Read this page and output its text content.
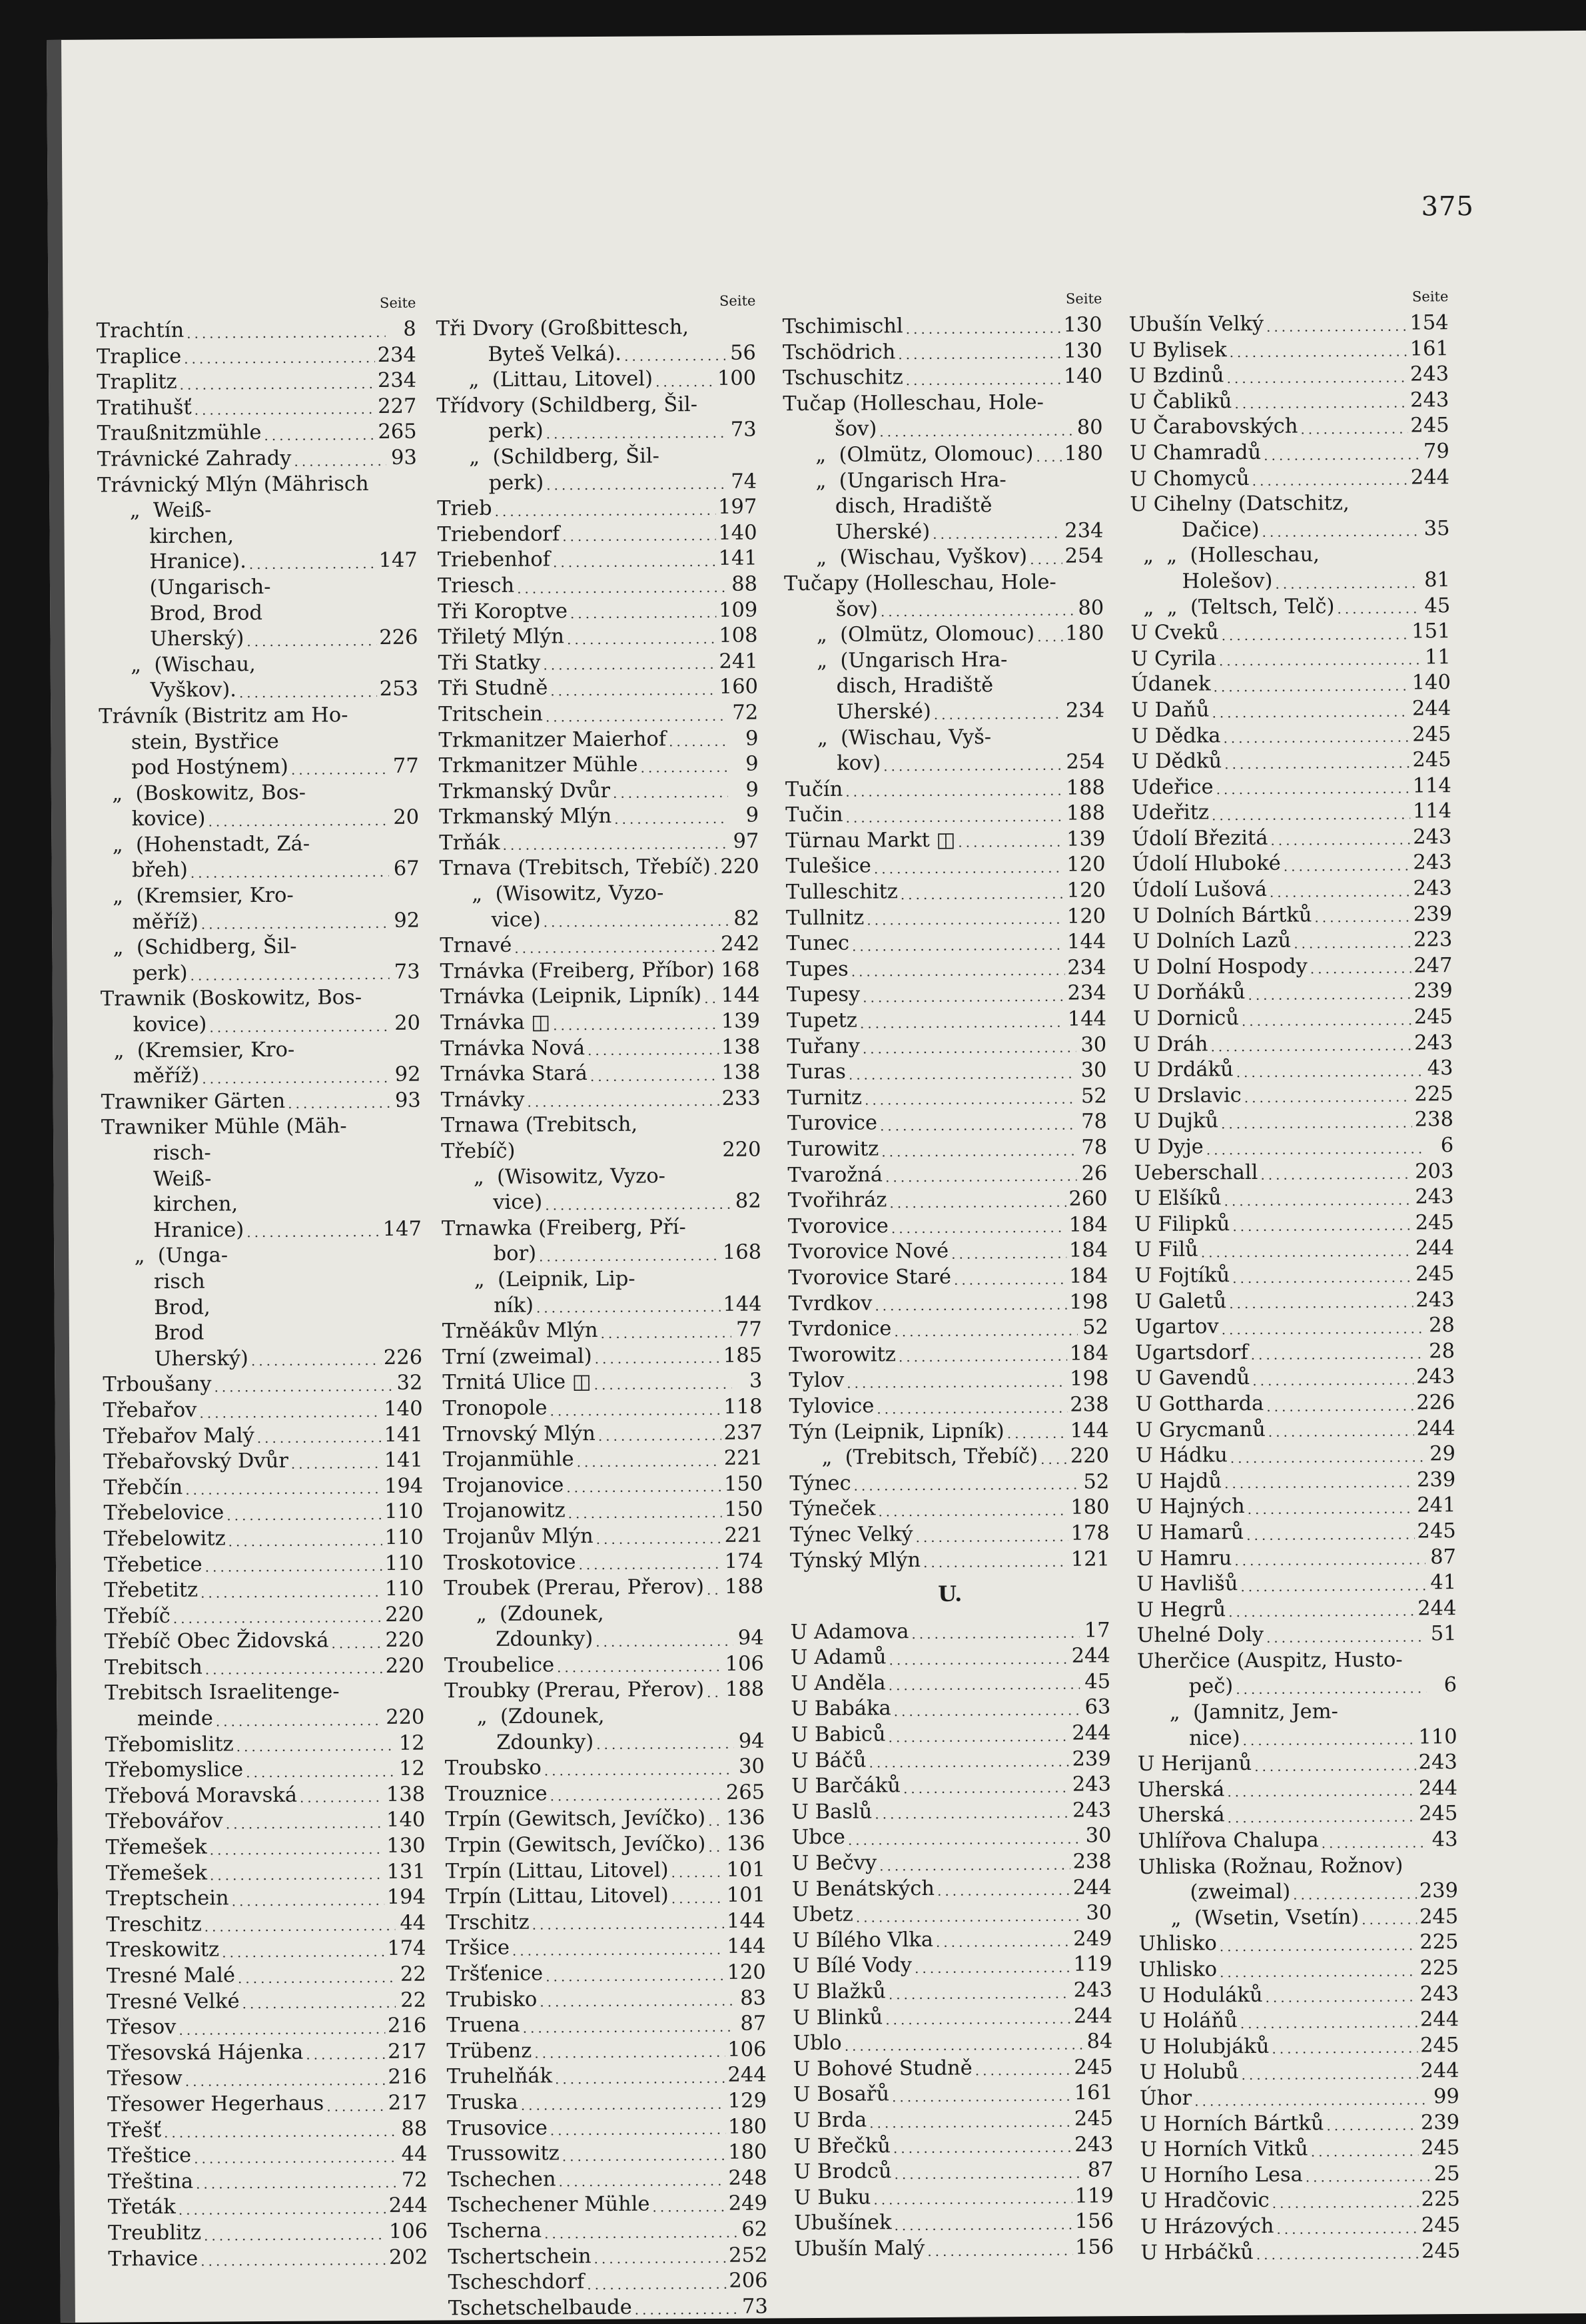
375
Seite
Trachtín .....	8
Traplice .....	234
Traplitz .....	234
Tratihušť .....	227
Traußnitzmühle .....	265
Trávnické Zahrady .....	93
Trávnický Mlýn (Mährisch
„  Weiß-
kirchen,
Hranice). .....	147
(Ungarisch-
Brod, Brod
Uherský) .....	226
„  (Wischau,
Vyškov). .....	253
Trávník (Bistritz am Ho-
stein, Bystřice
pod Hostýnem) .....	77
„  (Boskowitz, Bos-
kovice) .....	20
„  (Hohenstadt, Zá-
břeh) .....	67
„  (Kremsier, Kro-
měříž) .....	92
„  (Schidberg, Šil-
perk) .....	73
Trawnik (Boskowitz, Bos-
kovice) .....	20
„  (Kremsier, Kro-
měříž) .....	92
Trawniker Gärten .....	93
Trawniker Mühle (Mäh-
risch-
Weiß-
kirchen,
Hranice) .....	147
„  (Unga-
risch
Brod,
Brod
Uherský) .....	226
Trboušany .....	32
Třebařov .....	140
Třebařov Malý .....	141
Třebařovský Dvůr .....	141
Třebčín .....	194
Třebelovice .....	110
Třebelowitz .....	110
Třebetice .....	110
Třebetitz .....	110
Třebíč .....	220
Třebíč Obec Židovská .....	220
Trebitsch .....	220
Trebitsch Israelitenge-
meinde .....	220
Třebomislitz .....	12
Třebomyslice .....	12
Třebová Moravská .....	138
Třebovářov .....	140
Třemešek .....	130
Třemešek .....	131
Treptschein .....	194
Treschitz .....	44
Treskowitz .....	174
Tresné Malé .....	22
Tresné Velké .....	22
Třesov .....	216
Třesovská Hájenka .....	217
Třesow .....	216
Třesower Hegerhaus .....	217
Třešť .....	88
Třeštice .....	44
Třeština .....	72
Třeták .....	244
Treublitz .....	106
Trhavice .....	202
Seite
Tři Dvory (Großbittesch,
Byteš Velká). .....	56
„  (Littau, Litovel) .....	100
Třídvory (Schildberg, Šil-
perk) .....	73
„  (Schildberg, Šil-
perk) .....	74
Trieb .....	197
Triebendorf .....	140
Triebenhof .....	141
Triesch .....	88
Tři Koroptve .....	109
Třiletý Mlýn .....	108
Tři Statky .....	241
Tři Studně .....	160
Tritschein .....	72
Trkmanitzer Maierhof .....	9
Trkmanitzer Mühle .....	9
Trkmanský Dvůr .....	9
Trkmanský Mlýn .....	9
Trňák .....	97
Trnava (Trebitsch, Třebíč) ..... 220
„  (Wisowitz, Vyzo-
vice) .....	82
Trnavé .....	242
Trnávka (Freiberg, Příbor) ..... 168
Trnávka (Leipnik, Lipník) ..... 144
Trnávka ◫ .....	139
Trnávka Nová .....	138
Trnávka Stará .....	138
Trnávky .....	233
Trnawa (Trebitsch, Třebíč) .....	220
„  (Wisowitz, Vyzo-
vice) .....	82
Trnawka (Freiberg, Pří-
bor) .....	168
„  (Leipnik, Lip-
ník) .....	144
Trněákův Mlýn .....	77
Trní (zweimal) .....	185
Trnitá Ulice ◫ .....	3
Tronopole .....	118
Trnovský Mlýn .....	237
Trojanmühle .....	221
Trojanovice .....	150
Trojanowitz .....	150
Trojanův Mlýn .....	221
Troskotovice .....	174
Troubek (Prerau, Přerov) ..... 188
„  (Zdounek,
Zdounky) .....	94
Troubelice .....	106
Troubky (Prerau, Přerov) ..... 188
„  (Zdounek,
Zdounky) .....	94
Troubsko .....	30
Trouznice .....	265
Trpín (Gewitsch, Jevíčko) ..... 136
Trpin (Gewitsch, Jevíčko) ..... 136
Trpín (Littau, Litovel) .....	101
Trpín (Littau, Litovel) .....	101
Trschitz .....	144
Tršice .....	144
Tršťenice .....	120
Trubisko .....	83
Truena .....	87
Trübenz .....	106
Truhelňák .....	244
Truska .....	129
Trusovice .....	180
Trussowitz .....	180
Tschechen .....	248
Tschechener Mühle .....	249
Tscherna .....	62
Tschertschein .....	252
Tscheschdorf .....	206
Tschetschelbaude .....	73
Seite
Tschimischl .....	130
Tschödrich .....	130
Tschuschitz .....	140
Tučap (Holleschau, Hole-
šov) .....	80
„  (Olmütz, Olomouc) ..... 180
„  (Ungarisch Hra-
disch, Hradiště
Uherské) .....	234
„  (Wischau, Vyškov) ..... 254
Tučapy (Holleschau, Hole-
šov) .....	80
„  (Olmütz, Olomouc) ..... 180
„  (Ungarisch Hra-
disch, Hradiště
Uherské) .....	234
„  (Wischau, Vyš-
kov) .....	254
Tučín .....	188
Tučin .....	188
Türnau Markt ◫ .....	139
Tulešice .....	120
Tulleschitz .....	120
Tullnitz .....	120
Tunec .....	144
Tupes .....	234
Tupesy .....	234
Tupetz .....	144
Tuřany .....	30
Turas .....	30
Turnitz .....	52
Turovice .....	78
Turowitz .....	78
Tvarožná .....	26
Tvořihráz .....	260
Tvorovice .....	184
Tvorovice Nové .....	184
Tvorovice Staré .....	184
Tvrdkov .....	198
Tvrdonice .....	52
Tworowitz .....	184
Tylov .....	198
Tylovice .....	238
Týn (Leipnik, Lipník) .....	144
„  (Trebitsch, Třebíč) ..... 220
Týnec .....	52
Týneček .....	180
Týnec Velký .....	178
Týnský Mlýn .....	121
U.
U Adamova .....	17
U Adamů .....	244
U Anděla .....	45
U Babáka .....	63
U Babiců .....	244
U Báčů .....	239
U Barčáků .....	243
U Baslů .....	243
Ubce .....	30
U Bečvy .....	238
U Benátských .....	244
Ubetz .....	30
U Bílého Vlka .....	249
U Bílé Vody .....	119
U Blažků .....	243
U Blinků .....	244
Ublo .....	84
U Bohové Studně .....	245
U Bosařů .....	161
U Brda .....	245
U Břečků .....	243
U Brodců .....	87
U Buku .....	119
Ubušínek .....	156
Ubušín Malý .....	156
Seite
Ubušín Velký .....	154
U Bylisek .....	161
U Bzdinů .....	243
U Čabliků .....	243
U Čarabovských .....	245
U Chamradů .....	79
U Chomyců .....	244
U Cihelny (Datschitz,
Dačice) .....	35
„  „  (Holleschau,
Holešov) .....	81
„  „  (Teltsch, Telč) .....	45
U Cveků .....	151
U Cyrila .....	11
Údanek .....	140
U Daňů .....	244
U Dědka .....	245
U Dědků .....	245
Udeřice .....	114
Udeřitz .....	114
Údolí Březitá .....	243
Údolí Hluboké .....	243
Údolí Lušová .....	243
U Dolních Bártků .....	239
U Dolních Lazů .....	223
U Dolní Hospody .....	247
U Dorňáků .....	239
U Dorniců .....	245
U Dráh .....	243
U Drdáků .....	43
U Drslavic .....	225
U Dujků .....	238
U Dyje .....	6
Ueberschall .....	203
U Elšíků .....	243
U Filipků .....	245
U Filů .....	244
U Fojtíků .....	245
U Galetů .....	243
Ugartov .....	28
Ugartsdorf .....	28
U Gavendů .....	243
U Gottharda .....	226
U Grycmanů .....	244
U Hádku .....	29
U Hajdů .....	239
U Hajných .....	241
U Hamarů .....	245
U Hamru .....	87
U Havlišů .....	41
U Hegrů .....	244
Uhelné Doly .....	51
Uherčice (Auspitz, Husto-
peč) .....	6
„  (Jamnitz, Jem-
nice) .....	110
U Herijanů .....	243
Uherská .....	244
Uherská .....	245
Uhlířova Chalupa .....	43
Uhliska (Rožnau, Rožnov)
(zweimal) .....	239
„  (Wsetin, Vsetín) .....	245
Uhlisko .....	225
Uhlisko .....	225
U Hoduláků .....	243
U Holáňů .....	244
U Holubjáků .....	245
U Holubů .....	244
Úhor .....	99
U Horních Bártků .....	239
U Horních Vitků .....	245
U Horního Lesa .....	25
U Hradčovic .....	225
U Hrázových .....	245
U Hrbáčků .....	245
